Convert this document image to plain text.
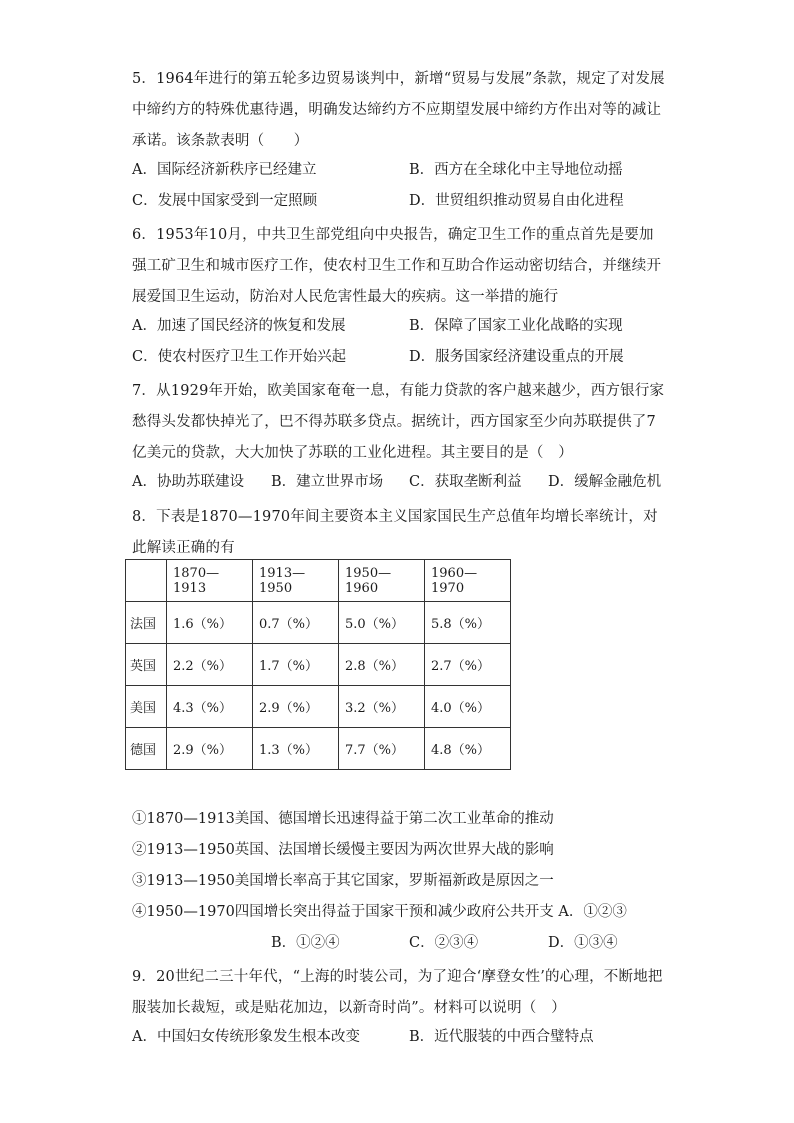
5．1964年进行的第五轮多边贸易谈判中，新增“贸易与发展”条款，规定了对发展中缔约方的特殊优惠待遇，明确发达缔约方不应期望发展中缔约方作出对等的减让承诺。该条款表明（　　）
A．国际经济新秩序已经建立	B．西方在全球化中主导地位动摇
C．发展中国家受到一定照顾	D．世贸组织推动贸易自由化进程
6．1953年10月，中共卫生部党组向中央报告，确定卫生工作的重点首先是要加强工矿卫生和城市医疗工作，使农村卫生工作和互助合作运动密切结合，并继续开展爱国卫生运动，防治对人民危害性最大的疾病。这一举措的施行
A．加速了国民经济的恢复和发展	B．保障了国家工业化战略的实现
C．使农村医疗卫生工作开始兴起	D．服务国家经济建设重点的开展
7．从1929年开始，欧美国家奄奄一息，有能力贷款的客户越来越少，西方银行家愁得头发都快掉光了，巴不得苏联多贷点。据统计，西方国家至少向苏联提供了7亿美元的贷款，大大加快了苏联的工业化进程。其主要目的是（　）
A．协助苏联建设 B．建立世界市场 C．获取垄断利益 D．缓解金融危机
8．下表是1870—1970年间主要资本主义国家国民生产总值年均增长率统计，对此解读正确的有
	1870—1913	1913—1950	1950—1960	1960—1970
法国	1.6（%）	0.7（%）	5.0（%）	5.8（%）
英国	2.2（%）	1.7（%）	2.8（%）	2.7（%）
美国	4.3（%）	2.9（%）	3.2（%）	4.0（%）
德国	2.9（%）	1.3（%）	7.7（%）	4.8（%）
①1870—1913美国、德国增长迅速得益于第二次工业革命的推动
②1913—1950英国、法国增长缓慢主要因为两次世界大战的影响
③1913—1950美国增长率高于其它国家，罗斯福新政是原因之一
④1950—1970四国增长突出得益于国家干预和减少政府公共开支 A．①②③
B．①②④	C．②③④	D．①③④
9．20世纪二三十年代，“上海的时装公司，为了迎合‘摩登女性’的心理，不断地把服装加长裁短，或是贴花加边，以新奇时尚”。材料可以说明（　）
A．中国妇女传统形象发生根本改变	B．近代服装的中西合璧特点
